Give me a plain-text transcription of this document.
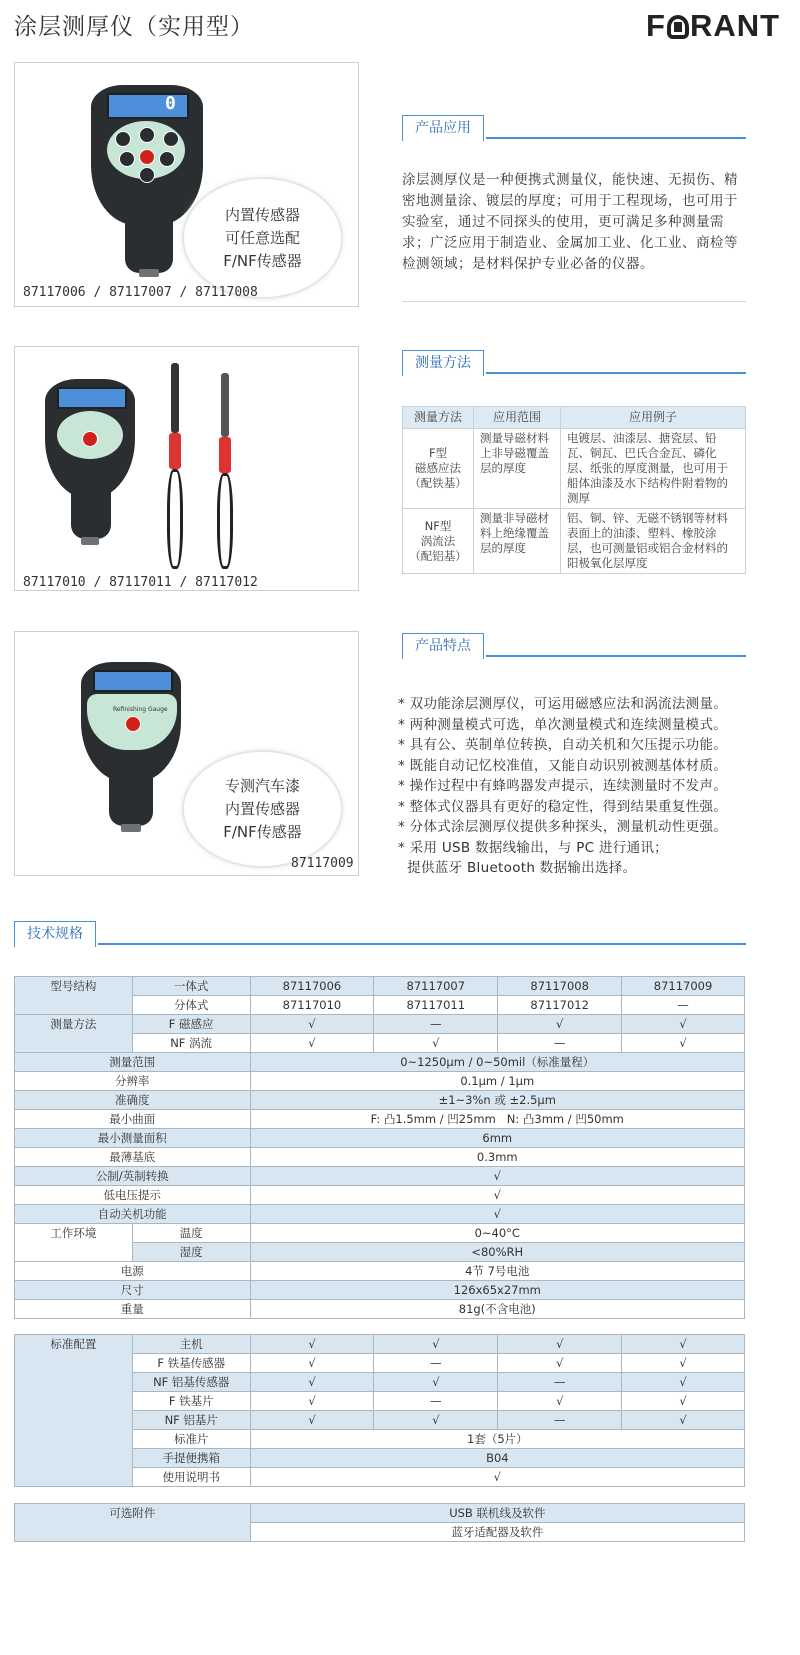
涂层测厚仪（实用型）	F RANT
0
内置传感器
可任意选配
F/NF传感器
87117006 / 87117007 / 87117008
87117010 / 87117011 / 87117012
Refinishing Gauge
专测汽车漆
内置传感器
F/NF传感器
87117009
产品应用
涂层测厚仪是一种便携式测量仪，能快速、无损伤、精密地测量涂、镀层的厚度；可用于工程现场，也可用于实验室，通过不同探头的使用，更可满足多种测量需求；广泛应用于制造业、金属加工业、化工业、商检等检测领域；是材料保护专业必备的仪器。
测量方法
测量方法	应用范围	应用例子
F型
磁感应法
（配铁基）	测量导磁材料上非导磁覆盖层的厚度	电镀层、油漆层、搪瓷层、铅瓦、铜瓦、巴氏合金瓦、磷化层、纸张的厚度测量，也可用于船体油漆及水下结构件附着物的测厚
NF型
涡流法
（配铝基）	测量非导磁材料上绝缘覆盖层的厚度	铝、铜、锌、无磁不锈钢等材料表面上的油漆、塑料、橡胶涂层，也可测量铝或铝合金材料的阳极氧化层厚度
产品特点
* 双功能涂层测厚仪，可运用磁感应法和涡流法测量。
* 两种测量模式可选，单次测量模式和连续测量模式。
* 具有公、英制单位转换，自动关机和欠压提示功能。
* 既能自动记忆校准值，又能自动识别被测基体材质。
* 操作过程中有蜂鸣器发声提示，连续测量时不发声。
* 整体式仪器具有更好的稳定性，得到结果重复性强。
* 分体式涂层测厚仪提供多种探头，测量机动性更强。
* 采用 USB 数据线输出，与 PC 进行通讯；
提供蓝牙 Bluetooth 数据输出选择。
技术规格
型号结构	一体式	87117006	87117007	87117008	87117009
	分体式	87117010	87117011	87117012	—
测量方法	F 磁感应	√	—	√	√
	NF 涡流	√	√	—	√
测量范围		0~1250μm / 0~50mil（标准量程）			
分辨率		0.1μm / 1μm			
准确度		±1~3%n 或 ±2.5μm			
最小曲面		F: 凸1.5mm / 凹25mm   N: 凸3mm / 凹50mm			
最小测量面积		6mm			
最薄基底		0.3mm			
公制/英制转换		√			
低电压提示		√			
自动关机功能		√			
工作环境	温度	0~40°C			
	湿度	<80%RH			
电源		4节 7号电池			
尺寸		126x65x27mm			
重量		81g(不含电池)			
标准配置	主机	√	√	√	√
	F 铁基传感器	√	—	√	√
	NF 铝基传感器	√	√	—	√
	F 铁基片	√	—	√	√
	NF 铝基片	√	√	—	√
	标准片	1套（5片）			
	手提便携箱	B04			
	使用说明书	√			
可选附件	USB 联机线及软件
蓝牙适配器及软件
